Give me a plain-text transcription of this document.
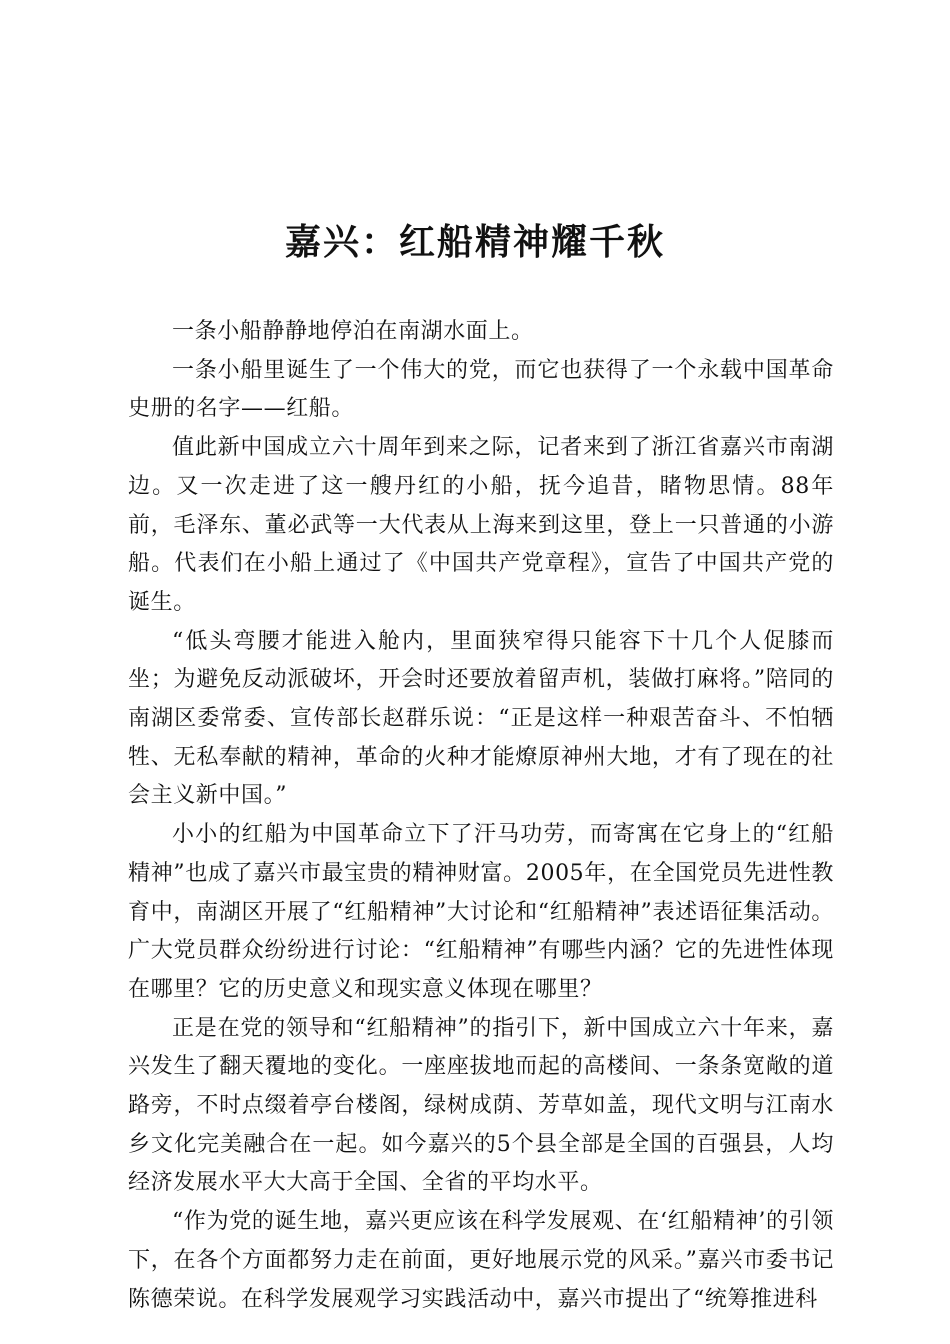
嘉兴：红船精神耀千秋

一条小船静静地停泊在南湖水面上。

一条小船里诞生了一个伟大的党，而它也获得了一个永载中国革命史册的名字——红船。

值此新中国成立六十周年到来之际，记者来到了浙江省嘉兴市南湖边。又一次走进了这一艘丹红的小船，抚今追昔，睹物思情。88年前，毛泽东、董必武等一大代表从上海来到这里，登上一只普通的小游船。代表们在小船上通过了《中国共产党章程》，宣告了中国共产党的诞生。

“低头弯腰才能进入舱内，里面狭窄得只能容下十几个人促膝而坐；为避免反动派破坏，开会时还要放着留声机，装做打麻将。”陪同的南湖区委常委、宣传部长赵群乐说：“正是这样一种艰苦奋斗、不怕牺牲、无私奉献的精神，革命的火种才能燎原神州大地，才有了现在的社会主义新中国。”

小小的红船为中国革命立下了汗马功劳，而寄寓在它身上的“红船精神”也成了嘉兴市最宝贵的精神财富。2005年，在全国党员先进性教育中，南湖区开展了“红船精神”大讨论和“红船精神”表述语征集活动。广大党员群众纷纷进行讨论：“红船精神”有哪些内涵？它的先进性体现在哪里？它的历史意义和现实意义体现在哪里？

正是在党的领导和“红船精神”的指引下，新中国成立六十年来，嘉兴发生了翻天覆地的变化。一座座拔地而起的高楼间、一条条宽敞的道路旁，不时点缀着亭台楼阁，绿树成荫、芳草如盖，现代文明与江南水乡文化完美融合在一起。如今嘉兴的5个县全部是全国的百强县，人均经济发展水平大大高于全国、全省的平均水平。

“作为党的诞生地，嘉兴更应该在科学发展观、在‘红船精神’的引领下，在各个方面都努力走在前面，更好地展示党的风采。”嘉兴市委书记陈德荣说。在科学发展观学习实践活动中，嘉兴市提出了“统筹推进科
